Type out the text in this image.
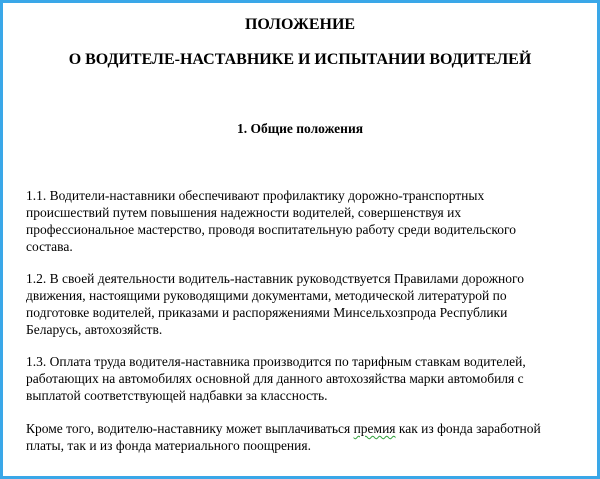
ПОЛОЖЕНИЕ

О ВОДИТЕЛЕ-НАСТАВНИКЕ И ИСПЫТАНИИ ВОДИТЕЛЕЙ

1. Общие положения

1.1. Водители-наставники обеспечивают профилактику дорожно-транспортных
происшествий путем повышения надежности водителей, совершенствуя их
профессиональное мастерство, проводя воспитательную работу среди водительского
состава.

1.2. В своей деятельности водитель-наставник руководствуется Правилами дорожного
движения, настоящими руководящими документами, методической литературой по
подготовке водителей, приказами и распоряжениями Минсельхозпрода Республики
Беларусь, автохозяйств.

1.3. Оплата труда водителя-наставника производится по тарифным ставкам водителей,
работающих на автомобилях основной для данного автохозяйства марки автомобиля с
выплатой соответствующей надбавки за классность.

Кроме того, водителю-наставнику может выплачиваться премия как из фонда заработной
платы, так и из фонда материального поощрения.
